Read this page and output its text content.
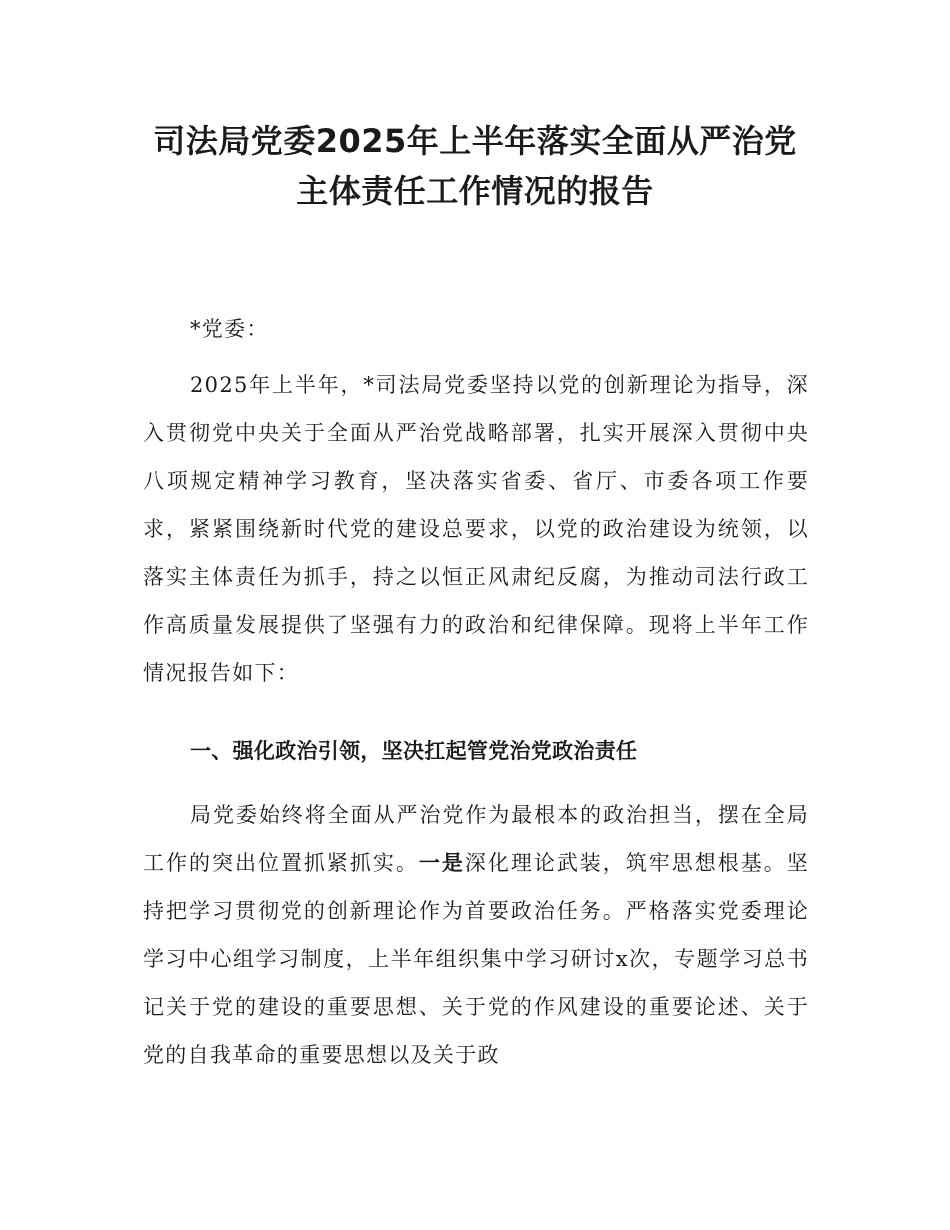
司法局党委2025年上半年落实全面从严治党
主体责任工作情况的报告

*党委：

2025年上半年，*司法局党委坚持以党的创新理论为指导，深入贯彻党中央关于全面从严治党战略部署，扎实开展深入贯彻中央八项规定精神学习教育，坚决落实省委、省厅、市委各项工作要求，紧紧围绕新时代党的建设总要求，以党的政治建设为统领，以落实主体责任为抓手，持之以恒正风肃纪反腐，为推动司法行政工作高质量发展提供了坚强有力的政治和纪律保障。现将上半年工作情况报告如下：

一、强化政治引领，坚决扛起管党治党政治责任

局党委始终将全面从严治党作为最根本的政治担当，摆在全局工作的突出位置抓紧抓实。一是深化理论武装，筑牢思想根基。坚持把学习贯彻党的创新理论作为首要政治任务。严格落实党委理论学习中心组学习制度，上半年组织集中学习研讨x次，专题学习总书记关于党的建设的重要思想、关于党的作风建设的重要论述、关于党的自我革命的重要思想以及关于政
